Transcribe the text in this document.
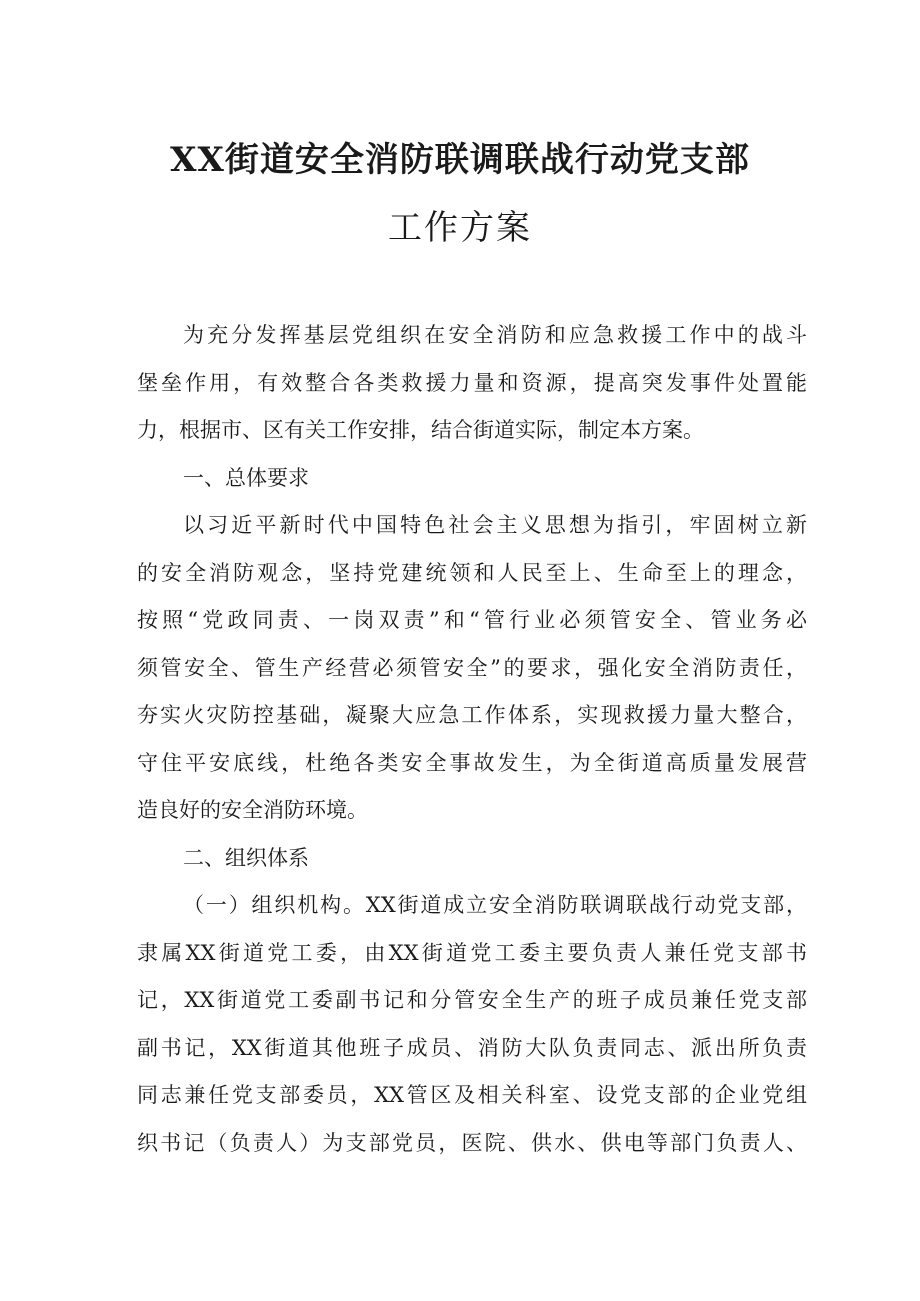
XX街道安全消防联调联战行动党支部
工作方案
为充分发挥基层党组织在安全消防和应急救援工作中的战斗
堡垒作用，有效整合各类救援力量和资源，提高突发事件处置能
力，根据市、区有关工作安排，结合街道实际，制定本方案。
一、总体要求
以习近平新时代中国特色社会主义思想为指引，牢固树立新
的安全消防观念，坚持党建统领和人民至上、生命至上的理念，
按照“党政同责、一岗双责”和“管行业必须管安全、管业务必
须管安全、管生产经营必须管安全”的要求，强化安全消防责任，
夯实火灾防控基础，凝聚大应急工作体系，实现救援力量大整合，
守住平安底线，杜绝各类安全事故发生，为全街道高质量发展营
造良好的安全消防环境。
二、组织体系
（一）组织机构。XX街道成立安全消防联调联战行动党支部，
隶属XX街道党工委，由XX街道党工委主要负责人兼任党支部书
记，XX街道党工委副书记和分管安全生产的班子成员兼任党支部
副书记，XX街道其他班子成员、消防大队负责同志、派出所负责
同志兼任党支部委员，XX管区及相关科室、设党支部的企业党组
织书记（负责人）为支部党员，医院、供水、供电等部门负责人、
